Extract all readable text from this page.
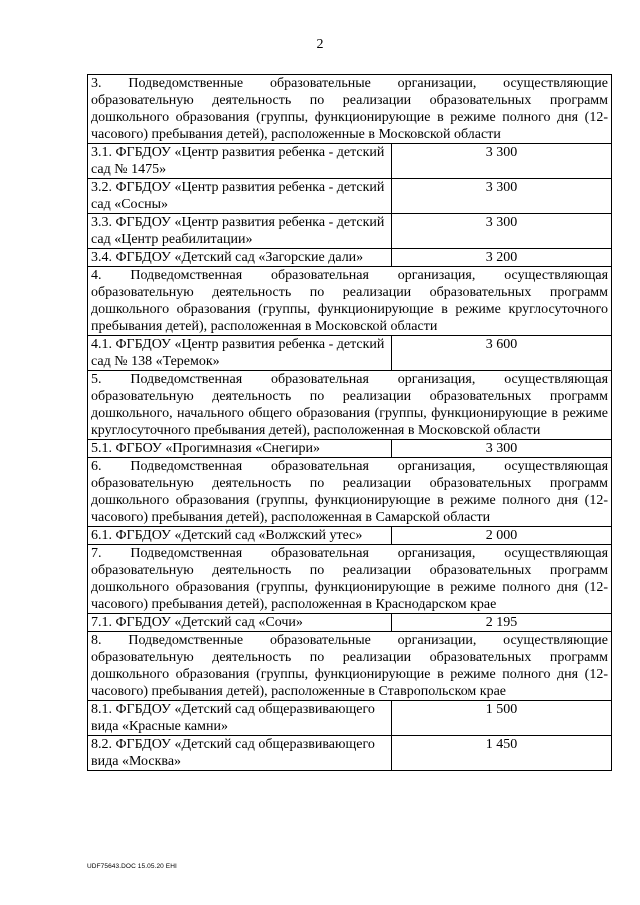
2
3. Подведомственные образовательные организации, осуществляющие образовательную деятельность по реализации образовательных программ дошкольного образования (группы, функционирующие в режиме полного дня (12-часового) пребывания детей), расположенные в Московской области	
3.1. ФГБДОУ «Центр развития ребенка - детский сад № 1475»	3 300
3.2. ФГБДОУ «Центр развития ребенка - детский сад «Сосны»	3 300
3.3. ФГБДОУ «Центр развития ребенка - детский сад «Центр реабилитации»	3 300
3.4. ФГБДОУ «Детский сад «Загорские дали»	3 200
4. Подведомственная образовательная организация, осуществляющая образовательную деятельность по реализации образовательных программ дошкольного образования (группы, функционирующие в режиме круглосуточного пребывания детей), расположенная в Московской области	
4.1. ФГБДОУ «Центр развития ребенка - детский сад № 138 «Теремок»	3 600
5. Подведомственная образовательная организация, осуществляющая образовательную деятельность по реализации образовательных программ дошкольного, начального общего образования (группы, функционирующие в режиме круглосуточного пребывания детей), расположенная в Московской области	
5.1. ФГБОУ «Прогимназия «Снегири»	3 300
6. Подведомственная образовательная организация, осуществляющая образовательную деятельность по реализации образовательных программ дошкольного образования (группы, функционирующие в режиме полного дня (12-часового) пребывания детей), расположенная в Самарской области	
6.1. ФГБДОУ «Детский сад «Волжский утес»	2 000
7. Подведомственная образовательная организация, осуществляющая образовательную деятельность по реализации образовательных программ дошкольного образования (группы, функционирующие в режиме полного дня (12-часового) пребывания детей), расположенная в Краснодарском крае	
7.1. ФГБДОУ «Детский сад «Сочи»	2 195
8. Подведомственные образовательные организации, осуществляющие образовательную деятельность по реализации образовательных программ дошкольного образования (группы, функционирующие в режиме полного дня (12-часового) пребывания детей), расположенные в Ставропольском крае	
8.1. ФГБДОУ «Детский сад общеразвивающего вида «Красные камни»	1 500
8.2. ФГБДОУ «Детский сад общеразвивающего вида «Москва»	1 450
UDF75643.DOC 15.05.20 ЕНI
